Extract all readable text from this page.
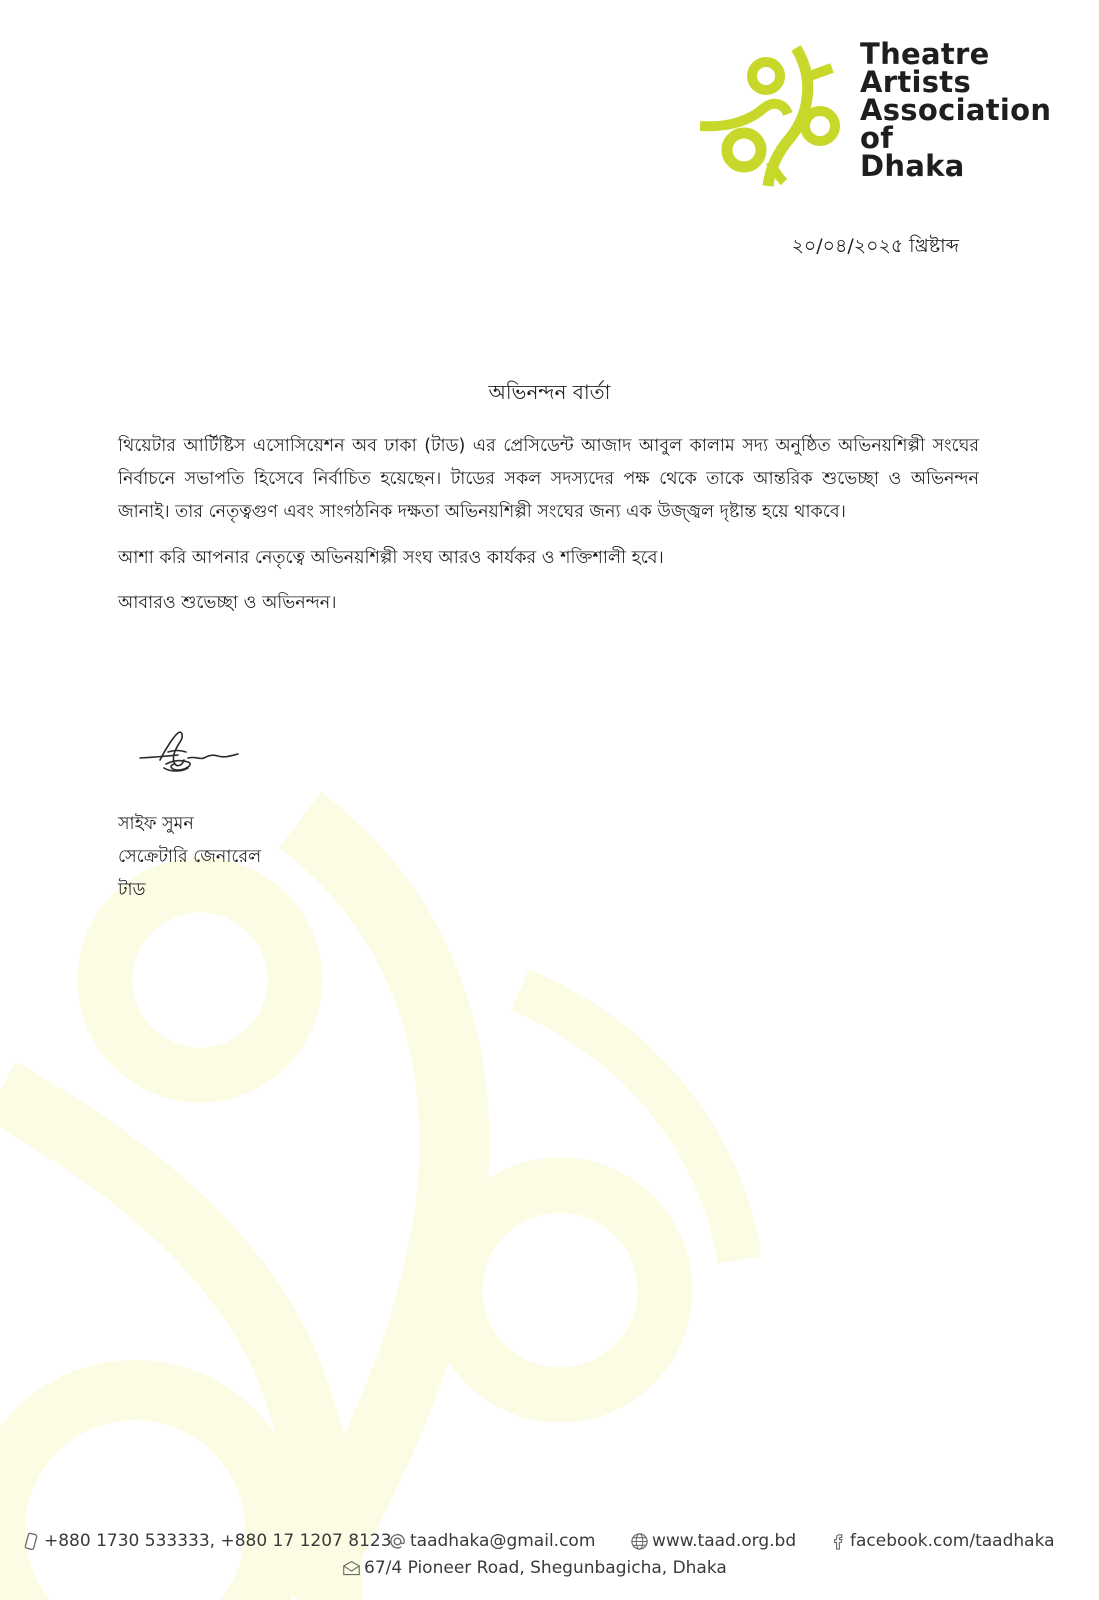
Theatre
Artists
Association
of
Dhaka
২০/০৪/২০২৫ খ্রিষ্টাব্দ
অভিনন্দন বার্তা

থিয়েটার আর্টিষ্টিস এসোসিয়েশন অব ঢাকা (টাড) এর প্রেসিডেন্ট আজাদ আবুল কালাম সদ্য অনুষ্ঠিত অভিনয়শিল্পী সংঘের নির্বাচনে সভাপতি হিসেবে নির্বাচিত হয়েছেন। টাডের সকল সদস্যদের পক্ষ থেকে তাকে আন্তরিক শুভেচ্ছা ও অভিনন্দন জানাই। তার নেতৃত্বগুণ এবং সাংগঠনিক দক্ষতা অভিনয়শিল্পী সংঘের জন্য এক উজ্জ্বল দৃষ্টান্ত হয়ে থাকবে।

আশা করি আপনার নেতৃত্বে অভিনয়শিল্পী সংঘ আরও কার্যকর ও শক্তিশালী হবে।

আবারও শুভেচ্ছা ও অভিনন্দন।

সাইফ সুমন
সেক্রেটারি জেনারেল
টাড
+880 1730 533333, +880 17 1207 8123 taadhaka@gmail.com	www.taad.org.bd	facebook.com/taadhaka
67/4 Pioneer Road, Shegunbagicha, Dhaka
